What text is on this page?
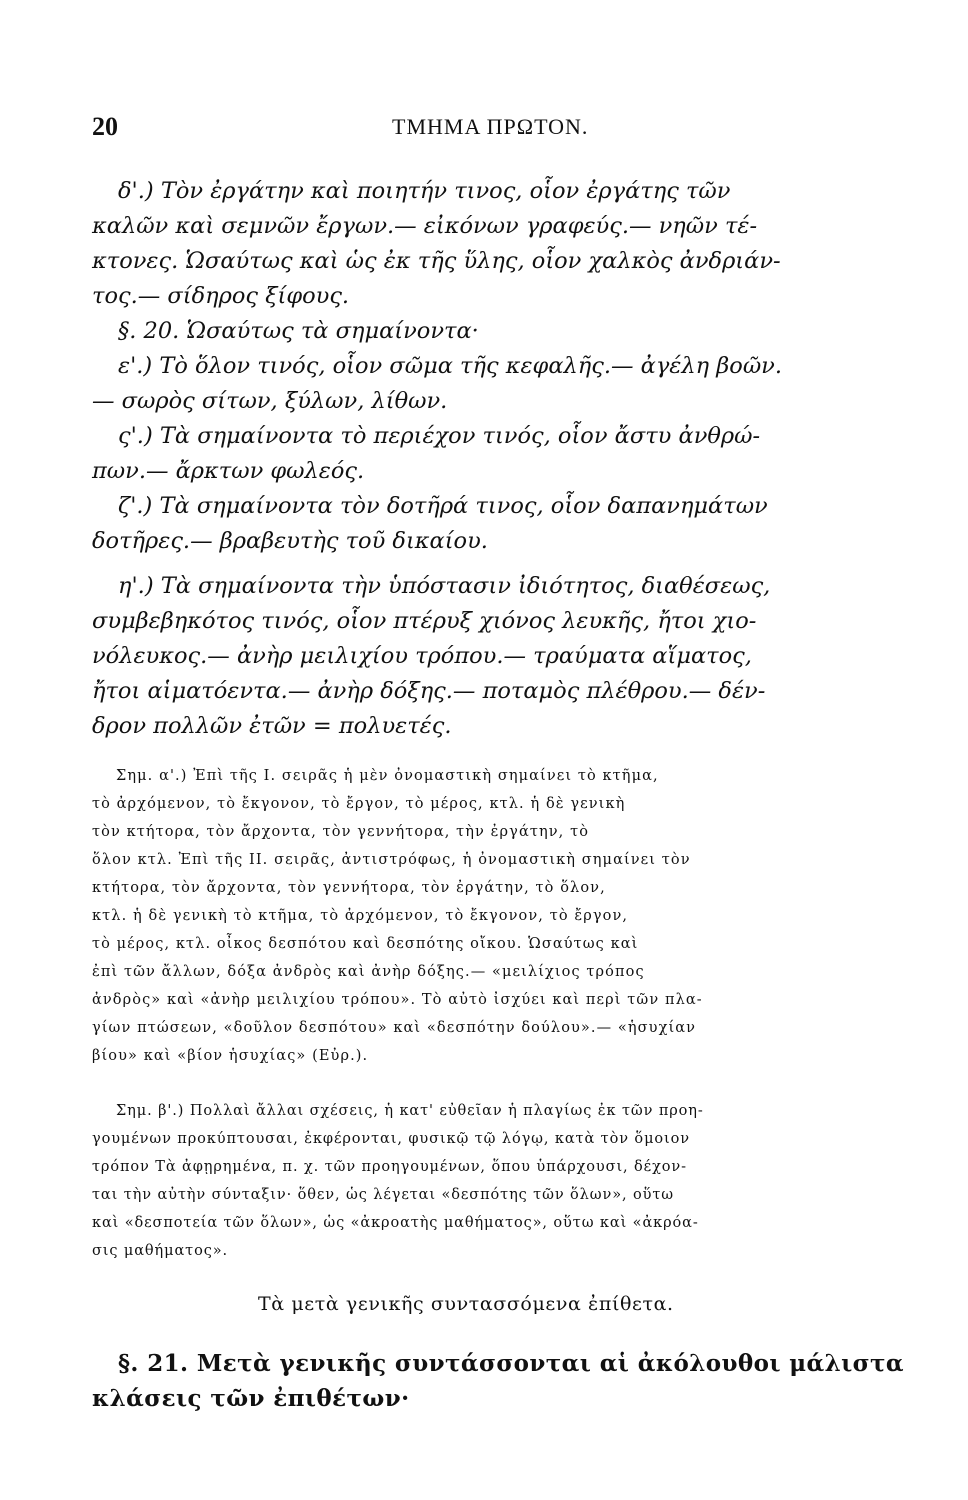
20	ΤΜΗΜΑ ΠΡΩΤΟΝ.
δ'.) Τὸν ἐργάτην καὶ ποιητήν τινος, οἷον ἐργάτης τῶν
καλῶν καὶ σεμνῶν ἔργων.— εἰκόνων γραφεύς.— νηῶν τέ-
κτονες. Ὡσαύτως καὶ ὡς ἐκ τῆς ὕλης, οἷον χαλκὸς ἀνδριάν-
τος.— σίδηρος ξίφους.
§. 20. Ὡσαύτως τὰ σημαίνοντα·
ε'.) Τὸ ὅλον τινός, οἷον σῶμα τῆς κεφαλῆς.— ἀγέλη βοῶν.
— σωρὸς σίτων, ξύλων, λίθων.
ς'.) Τὰ σημαίνοντα τὸ περιέχον τινός, οἷον ἄστυ ἀνθρώ-
πων.— ἄρκτων φωλεός.
ζ'.) Τὰ σημαίνοντα τὸν δοτῆρά τινος, οἷον δαπανημάτων
δοτῆρες.— βραβευτὴς τοῦ δικαίου.
η'.) Τὰ σημαίνοντα τὴν ὑπόστασιν ἰδιότητος, διαθέσεως,
συμβεβηκότος τινός, οἷον πτέρυξ χιόνος λευκῆς, ἤτοι χιο-
νόλευκος.— ἀνὴρ μειλιχίου τρόπου.— τραύματα αἵματος,
ἤτοι αἱματόεντα.— ἀνὴρ δόξης.— ποταμὸς πλέθρου.— δέν-
δρον πολλῶν ἐτῶν = πολυετές.
Σημ. α'.) Ἐπὶ τῆς Ι. σειρᾶς ἡ μὲν ὀνομαστικὴ σημαίνει τὸ κτῆμα,
τὸ ἀρχόμενον, τὸ ἔκγονον, τὸ ἔργον, τὸ μέρος, κτλ. ἡ δὲ γενικὴ
τὸν κτήτορα, τὸν ἄρχοντα, τὸν γεννήτορα, τὴν ἐργάτην, τὸ
ὅλον κτλ. Ἐπὶ τῆς ΙΙ. σειρᾶς, ἀντιστρόφως, ἡ ὀνομαστικὴ σημαίνει τὸν
κτήτορα, τὸν ἄρχοντα, τὸν γεννήτορα, τὸν ἐργάτην, τὸ ὅλον,
κτλ. ἡ δὲ γενικὴ τὸ κτῆμα, τὸ ἀρχόμενον, τὸ ἔκγονον, τὸ ἔργον,
τὸ μέρος, κτλ. οἶκος δεσπότου καὶ δεσπότης οἴκου. Ὡσαύτως καὶ
ἐπὶ τῶν ἄλλων, δόξα ἀνδρὸς καὶ ἀνὴρ δόξης.— «μειλίχιος τρόπος
ἀνδρὸς» καὶ «ἀνὴρ μειλιχίου τρόπου». Τὸ αὐτὸ ἰσχύει καὶ περὶ τῶν πλα-
γίων πτώσεων, «δοῦλον δεσπότου» καὶ «δεσπότην δούλου».— «ἡσυχίαν
βίου» καὶ «βίον ἡσυχίας» (Εὐρ.).
Σημ. β'.) Πολλαὶ ἄλλαι σχέσεις, ἡ κατ' εὐθεῖαν ἡ πλαγίως ἐκ τῶν προη-
γουμένων προκύπτουσαι, ἐκφέρονται, φυσικῷ τῷ λόγῳ, κατὰ τὸν ὅμοιον
τρόπον Τὰ ἀφῃρημένα, π. χ. τῶν προηγουμένων, ὅπου ὑπάρχουσι, δέχον-
ται τὴν αὐτὴν σύνταξιν· ὅθεν, ὡς λέγεται «δεσπότης τῶν ὅλων», οὕτω
καὶ «δεσποτεία τῶν ὅλων», ὡς «ἀκροατὴς μαθήματος», οὕτω καὶ «ἀκρόα-
σις μαθήματος».
Τὰ μετὰ γενικῆς συντασσόμενα ἐπίθετα.
§. 21. Μετὰ γενικῆς συντάσσονται αἱ ἀκόλουθοι μάλιστα
κλάσεις τῶν ἐπιθέτων·
